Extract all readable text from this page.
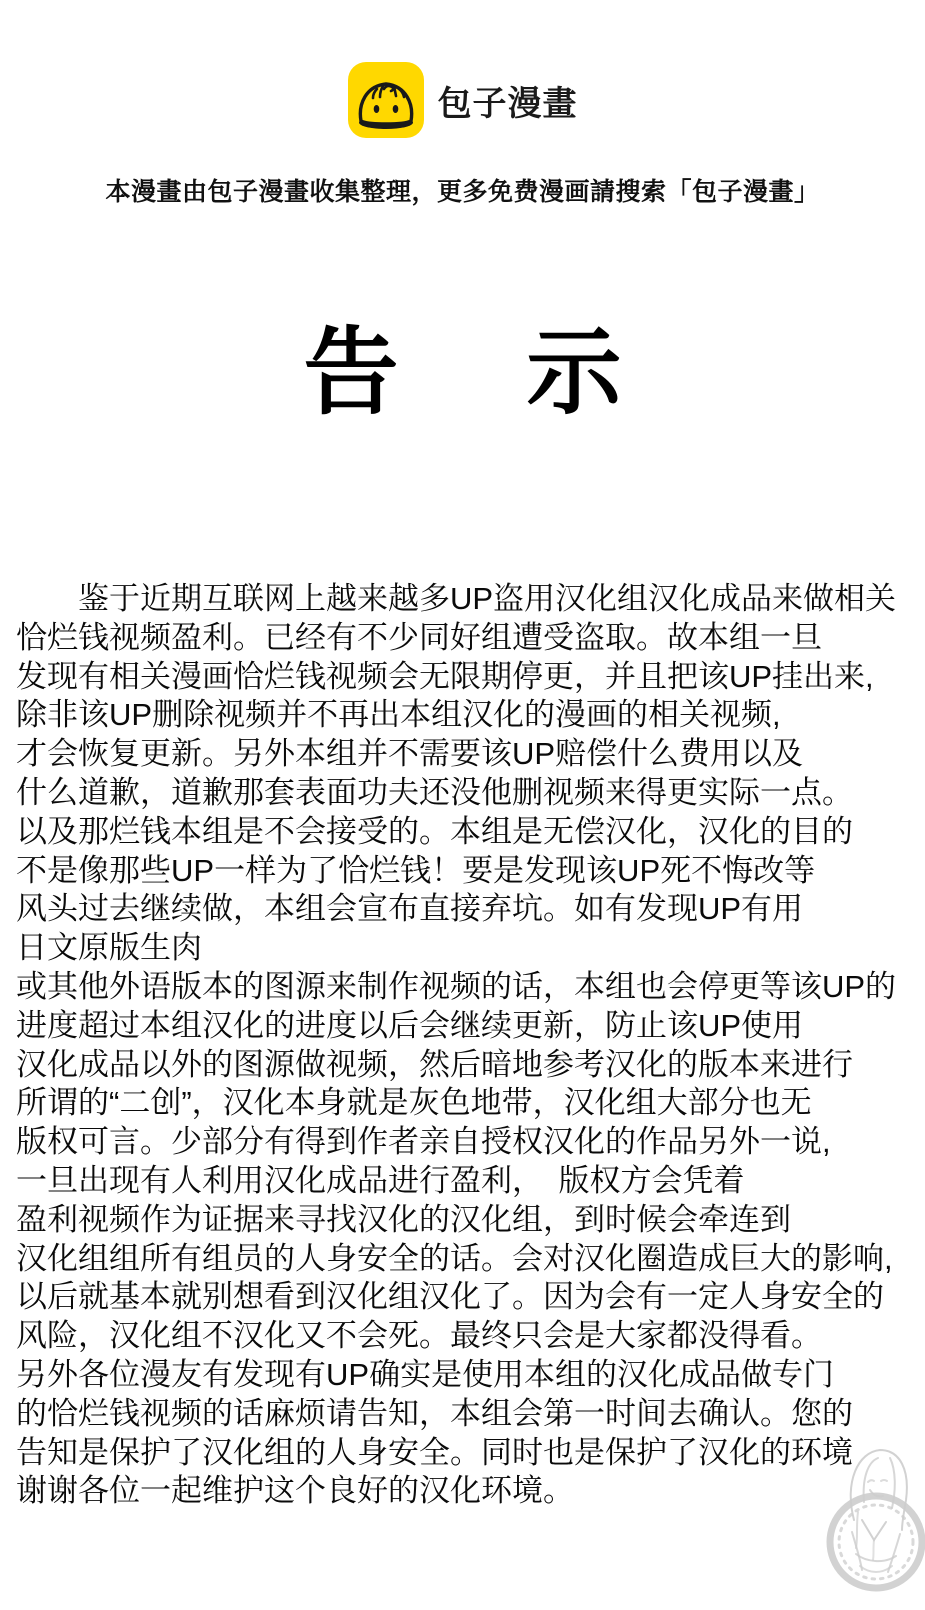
包子漫畫
本漫畫由包子漫畫收集整理，更多免费漫画請搜索「包子漫畫」
告 示
　　鉴于近期互联网上越来越多UP盗用汉化组汉化成品来做相关
恰烂钱视频盈利。已经有不少同好组遭受盗取。故本组一旦
发现有相关漫画恰烂钱视频会无限期停更，并且把该UP挂出来,
除非该UP删除视频并不再出本组汉化的漫画的相关视频,
才会恢复更新。另外本组并不需要该UP赔偿什么费用以及
什么道歉，道歉那套表面功夫还没他删视频来得更实际一点。
以及那烂钱本组是不会接受的。本组是无偿汉化，汉化的目的
不是像那些UP一样为了恰烂钱！要是发现该UP死不悔改等
风头过去继续做，本组会宣布直接弃坑。如有发现UP有用
日文原版生肉
或其他外语版本的图源来制作视频的话，本组也会停更等该UP的
进度超过本组汉化的进度以后会继续更新，防止该UP使用
汉化成品以外的图源做视频，然后暗地参考汉化的版本来进行
所谓的“二创”，汉化本身就是灰色地带，汉化组大部分也无
版权可言。少部分有得到作者亲自授权汉化的作品另外一说,
一旦出现有人利用汉化成品进行盈利，　版权方会凭着
盈利视频作为证据来寻找汉化的汉化组，到时候会牵连到
汉化组组所有组员的人身安全的话。会对汉化圈造成巨大的影响,
以后就基本就别想看到汉化组汉化了。因为会有一定人身安全的
风险，汉化组不汉化又不会死。最终只会是大家都没得看。
另外各位漫友有发现有UP确实是使用本组的汉化成品做专门
的恰烂钱视频的话麻烦请告知，本组会第一时间去确认。您的
告知是保护了汉化组的人身安全。同时也是保护了汉化的环境
谢谢各位一起维护这个良好的汉化环境。
